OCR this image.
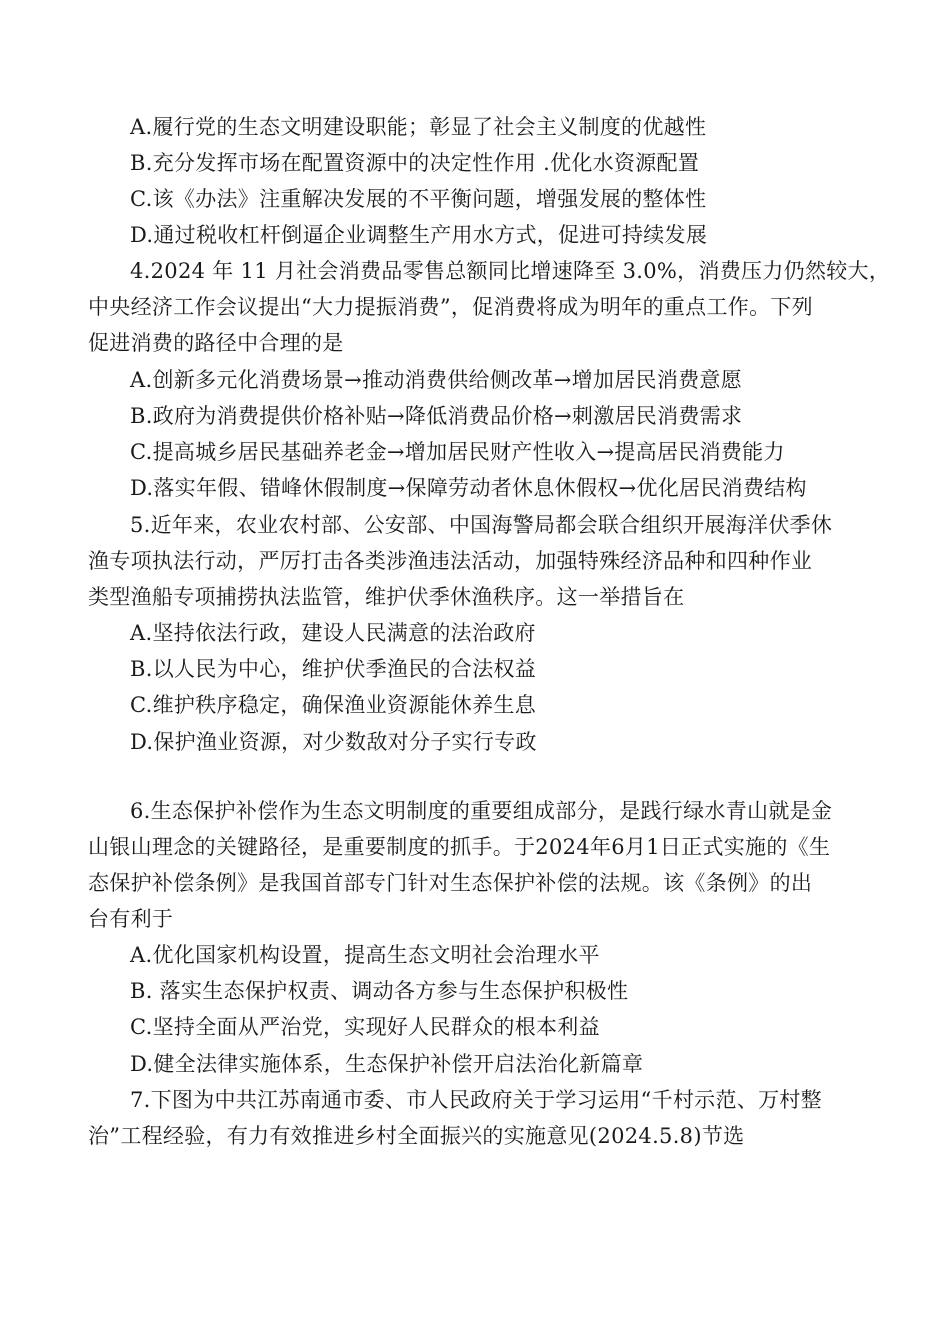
A.履行党的生态文明建设职能；彰显了社会主义制度的优越性
B.充分发挥市场在配置资源中的决定性作用 .优化水资源配置
C.该《办法》注重解决发展的不平衡问题，增强发展的整体性
D.通过税收杠杆倒逼企业调整生产用水方式，促进可持续发展
4.2024 年 11 月社会消费品零售总额同比增速降至 3.0%，消费压力仍然较大，
中央经济工作会议提出“大力提振消费”，促消费将成为明年的重点工作。下列
促进消费的路径中合理的是
A.创新多元化消费场景→推动消费供给侧改革→增加居民消费意愿
B.政府为消费提供价格补贴→降低消费品价格→刺激居民消费需求
C.提高城乡居民基础养老金→增加居民财产性收入→提高居民消费能力
D.落实年假、错峰休假制度→保障劳动者休息休假权→优化居民消费结构
5.近年来，农业农村部、公安部、中国海警局都会联合组织开展海洋伏季休
渔专项执法行动，严厉打击各类涉渔违法活动，加强特殊经济品种和四种作业
类型渔船专项捕捞执法监管，维护伏季休渔秩序。这一举措旨在
A.坚持依法行政，建设人民满意的法治政府
B.以人民为中心，维护伏季渔民的合法权益
C.维护秩序稳定，确保渔业资源能休养生息
D.保护渔业资源，对少数敌对分子实行专政
6.生态保护补偿作为生态文明制度的重要组成部分，是践行绿水青山就是金
山银山理念的关键路径，是重要制度的抓手。于2024年6月1日正式实施的《生
态保护补偿条例》是我国首部专门针对生态保护补偿的法规。该《条例》的出
台有利于
A.优化国家机构设置，提高生态文明社会治理水平
B. 落实生态保护权责、调动各方参与生态保护积极性
C.坚持全面从严治党，实现好人民群众的根本利益
D.健全法律实施体系，生态保护补偿开启法治化新篇章
7.下图为中共江苏南通市委、市人民政府关于学习运用“千村示范、万村整
治”工程经验，有力有效推进乡村全面振兴的实施意见(2024.5.8)节选
